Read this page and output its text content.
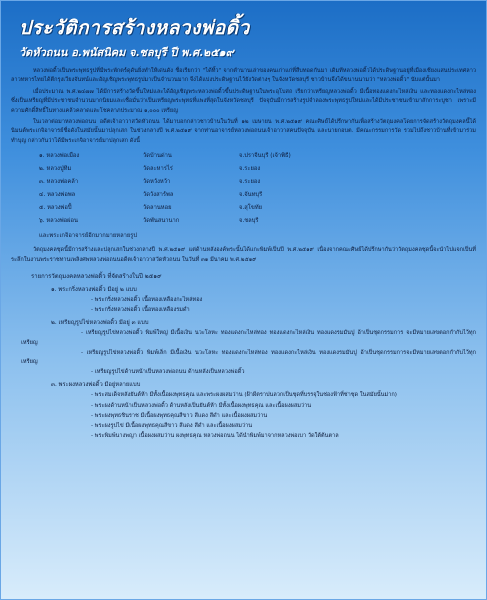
ประวัติการสร้างหลวงพ่อดิ้ว
วัดหัวถนน อ.พนัสนิคม จ.ชลบุรี ปี พ.ศ.๒๕๑๙

หลวงพ่อดิ้วเป็นพระพุทธรูปที่มีพระพักตร์ดุดันยิ่งทำให้เด่นดัง ชื่อเรียกว่า "ได้ทิ้ว" จากตำนานเล่าของคนเก่าแก่ที่สืบทอดกันมา เดิมทีหลวงพ่อดิ้วได้ประดิษฐานอยู่ที่เมืองเชียงแสนประเทศลาว ลาวทหารไทยได้ตีกรุงเวียงจันทน์และอัญเชิญพระพุทธรูปมาเป็นจำนวนมาก จึงได้แบ่งประดิษฐานไว้ยังวัดต่างๆ ในจังหวัดชลบุรี ชาวบ้านจึงได้ขนานนามว่า "หลวงพ่อดิ้ว" นับแต่นั้นมา

เมื่อประมาณ พ.ศ.๒๔๗๗ ได้มีการสร้างวัดขึ้นใหม่และได้อัญเชิญพระหลวงพ่อดิ้วขึ้นประดิษฐานในพระอุโบสถ เรียกว่าเหรียญหลวงพ่อดิ้ว มีเนื้อทองแดงกะไหล่เงิน และทองแดงกะไหล่ทอง ซึ่งเป็นเหรียญที่มีประชาชนจำนวนมากนิยมและเชื่อมั่นว่าเป็นเหรียญพระพุทธที่แพงที่สุดในจังหวัดชลบุรี ปัจจุบันมีการสร้างรูปจำลองพระพุทธรูปใหม่และได้มีประชาชนเข้ามาสักการะบูชา เพราะมีความศักดิ์สิทธิ์ในทางแคล้วคลาดและโชคลาภประมาณ ๑,๐๐๐ เหรียญ

ในเวลาต่อมาหลวงพ่อถนน อดีตเจ้าอาวาสวัดหัวถนน ได้มาบอกกล่าวชาวบ้านในวันที่ ๑๒ เมษายน พ.ศ.๒๕๑๙ คณะศิษย์ได้ปรึกษากันเพื่อสร้างวัตถุมงคลโดยการจัดสร้างวัตถุมงคลนี้ได้นิมนต์พระเกจิอาจารย์ชื่อดังในสมัยนั้นมาปลุกเสก ในช่วงกลางปี พ.ศ.๒๕๑๙ จากท่านอาจารย์หลวงพ่อถนนเจ้าอาวาสคนปัจจุบัน และนายกอบต. มีคณะกรรมการวัด รวมไปถึงชาวบ้านที่เข้ามาร่วมทำบุญ กล่าวกันว่าได้มีพระเกจิอาจารย์มาปลุกเสก ดังนี้

๑. หลวงพ่อเมือง	วัดบ้านด่าน	จ.ปราจีนบุรี (เจ้าพิธี)
๒. หลวงปู่ทิม	วัดละหารไร่	จ.ระยอง
๓. หลวงพ่อคล้า	วัดหวังหว้า	จ.ระยอง
๔. หลวงพ่อพล	วัดวังสาร์พล	จ.จันทบุรี
๕. หลวงพ่อปี้	วัดลานหอย	จ.สุโขทัย
๖. หลวงพ่อผ่อน	วัดพันสนานาก	จ.ชลบุรี
และพระเกจิอาจารย์อีกมากมายหลายรูป

วัตถุมงคลชุดนี้มีการสร้างและปลุกเสกในช่วงกลางปี พ.ศ.๒๕๑๙ แต่ด้านหลังองค์พระนั้นได้แกะพิมพ์เป็นปี พ.ศ.๒๕๑๙ เนื่องจากคณะศิษย์ได้ปรึกษากันว่าวัตถุมงคลชุดนี้จะนำไปแจกเป็นที่ระลึกในงานพระราชทานเพลิงศพหลวงพ่อถนนอดีตเจ้าอาวาสวัดหัวถนน ในวันที่ ๓๑ มีนาคม พ.ศ.๒๕๑๙

รายการวัตถุมงคลหลวงพ่อดิ้ว ที่จัดสร้างในปี ๒๕๑๙
๑. พระกริ่งหลวงพ่อดิ้ว มีอยู่ ๒ แบบ
- พระกริ่งหลวงพ่อดิ้ว เนื้อทองเหลืองกะไหล่ทอง
- พระกริ่งหลวงพ่อดิ้ว เนื้อทองเหลืองรมดำ
๒. เหรียญรูปไข่หลวงพ่อดิ้ว มีอยู่ ๓ แบบ
- เหรียญรูปไข่หลวงพ่อดิ้ว พิมพ์ใหญ่ มีเนื้อเงิน นวะโลหะ ทองแดงกะไหล่ทอง ทองแดงกะไหล่เงิน ทองแดงรมมันปู อ้าเป็นชุดกรรมการ จะมีหมายเลขตอกกำกับไว้ทุกเหรียญ
- เหรียญรูปไข่หลวงพ่อดิ้ว พิมพ์เล็ก มีเนื้อเงิน นวะโลหะ ทองแดงกะไหล่ทอง ทองแดงกะไหล่เงิน ทองแดงรมมันปู อ้าเป็นชุดกรรมการจะมีหมายเลขตอกกำกับไว้ทุกเหรียญ
- เหรียญรูปไข่ด้านหน้าเป็นหลวงพ่อถนน ด้านหลังเป็นหลวงพ่อดิ้ว
๓. พระผงหลวงพ่อดิ้ว มีอยู่หลายแบบ
- พระสมเด็จหลังยันต์ห้า มีทั้งเนื้อผงพุทธคุณ และพระผงผสมว่าน (ฝ้าผีตราปนลวกเป็นชุดที่บรรจุในช่องฟ้าที่ช่าชุด ในสมัยนั้นม่าก)
- พระผงด้านหน้าเป็นหลวงพ่อดิ้ว ด้านหลังเป็นยันต์ห้า มีทั้งเนื้อผงพุทธคุณ และเนื้อผงผสมว่าน
- พระผงพุทธชินราช มีเนื้อผงพุทธคุณสีขาว สีแดง สีดำ และเนื้อผงผสมว่าน
- พระผงรูปไข่ มีเนื้อผงพุทธคุณสีขาว สีแดง สีดำ และเนื้อผงผสมว่าน
- พระพิมพ์นางพญา เนื้อผงผสมว่าน ผงพุทธคุณ หลวงพ่อถนน ได้นำพิมพ์มาจากหลวงพ่อเบา วัดใต้ต้นตาล
